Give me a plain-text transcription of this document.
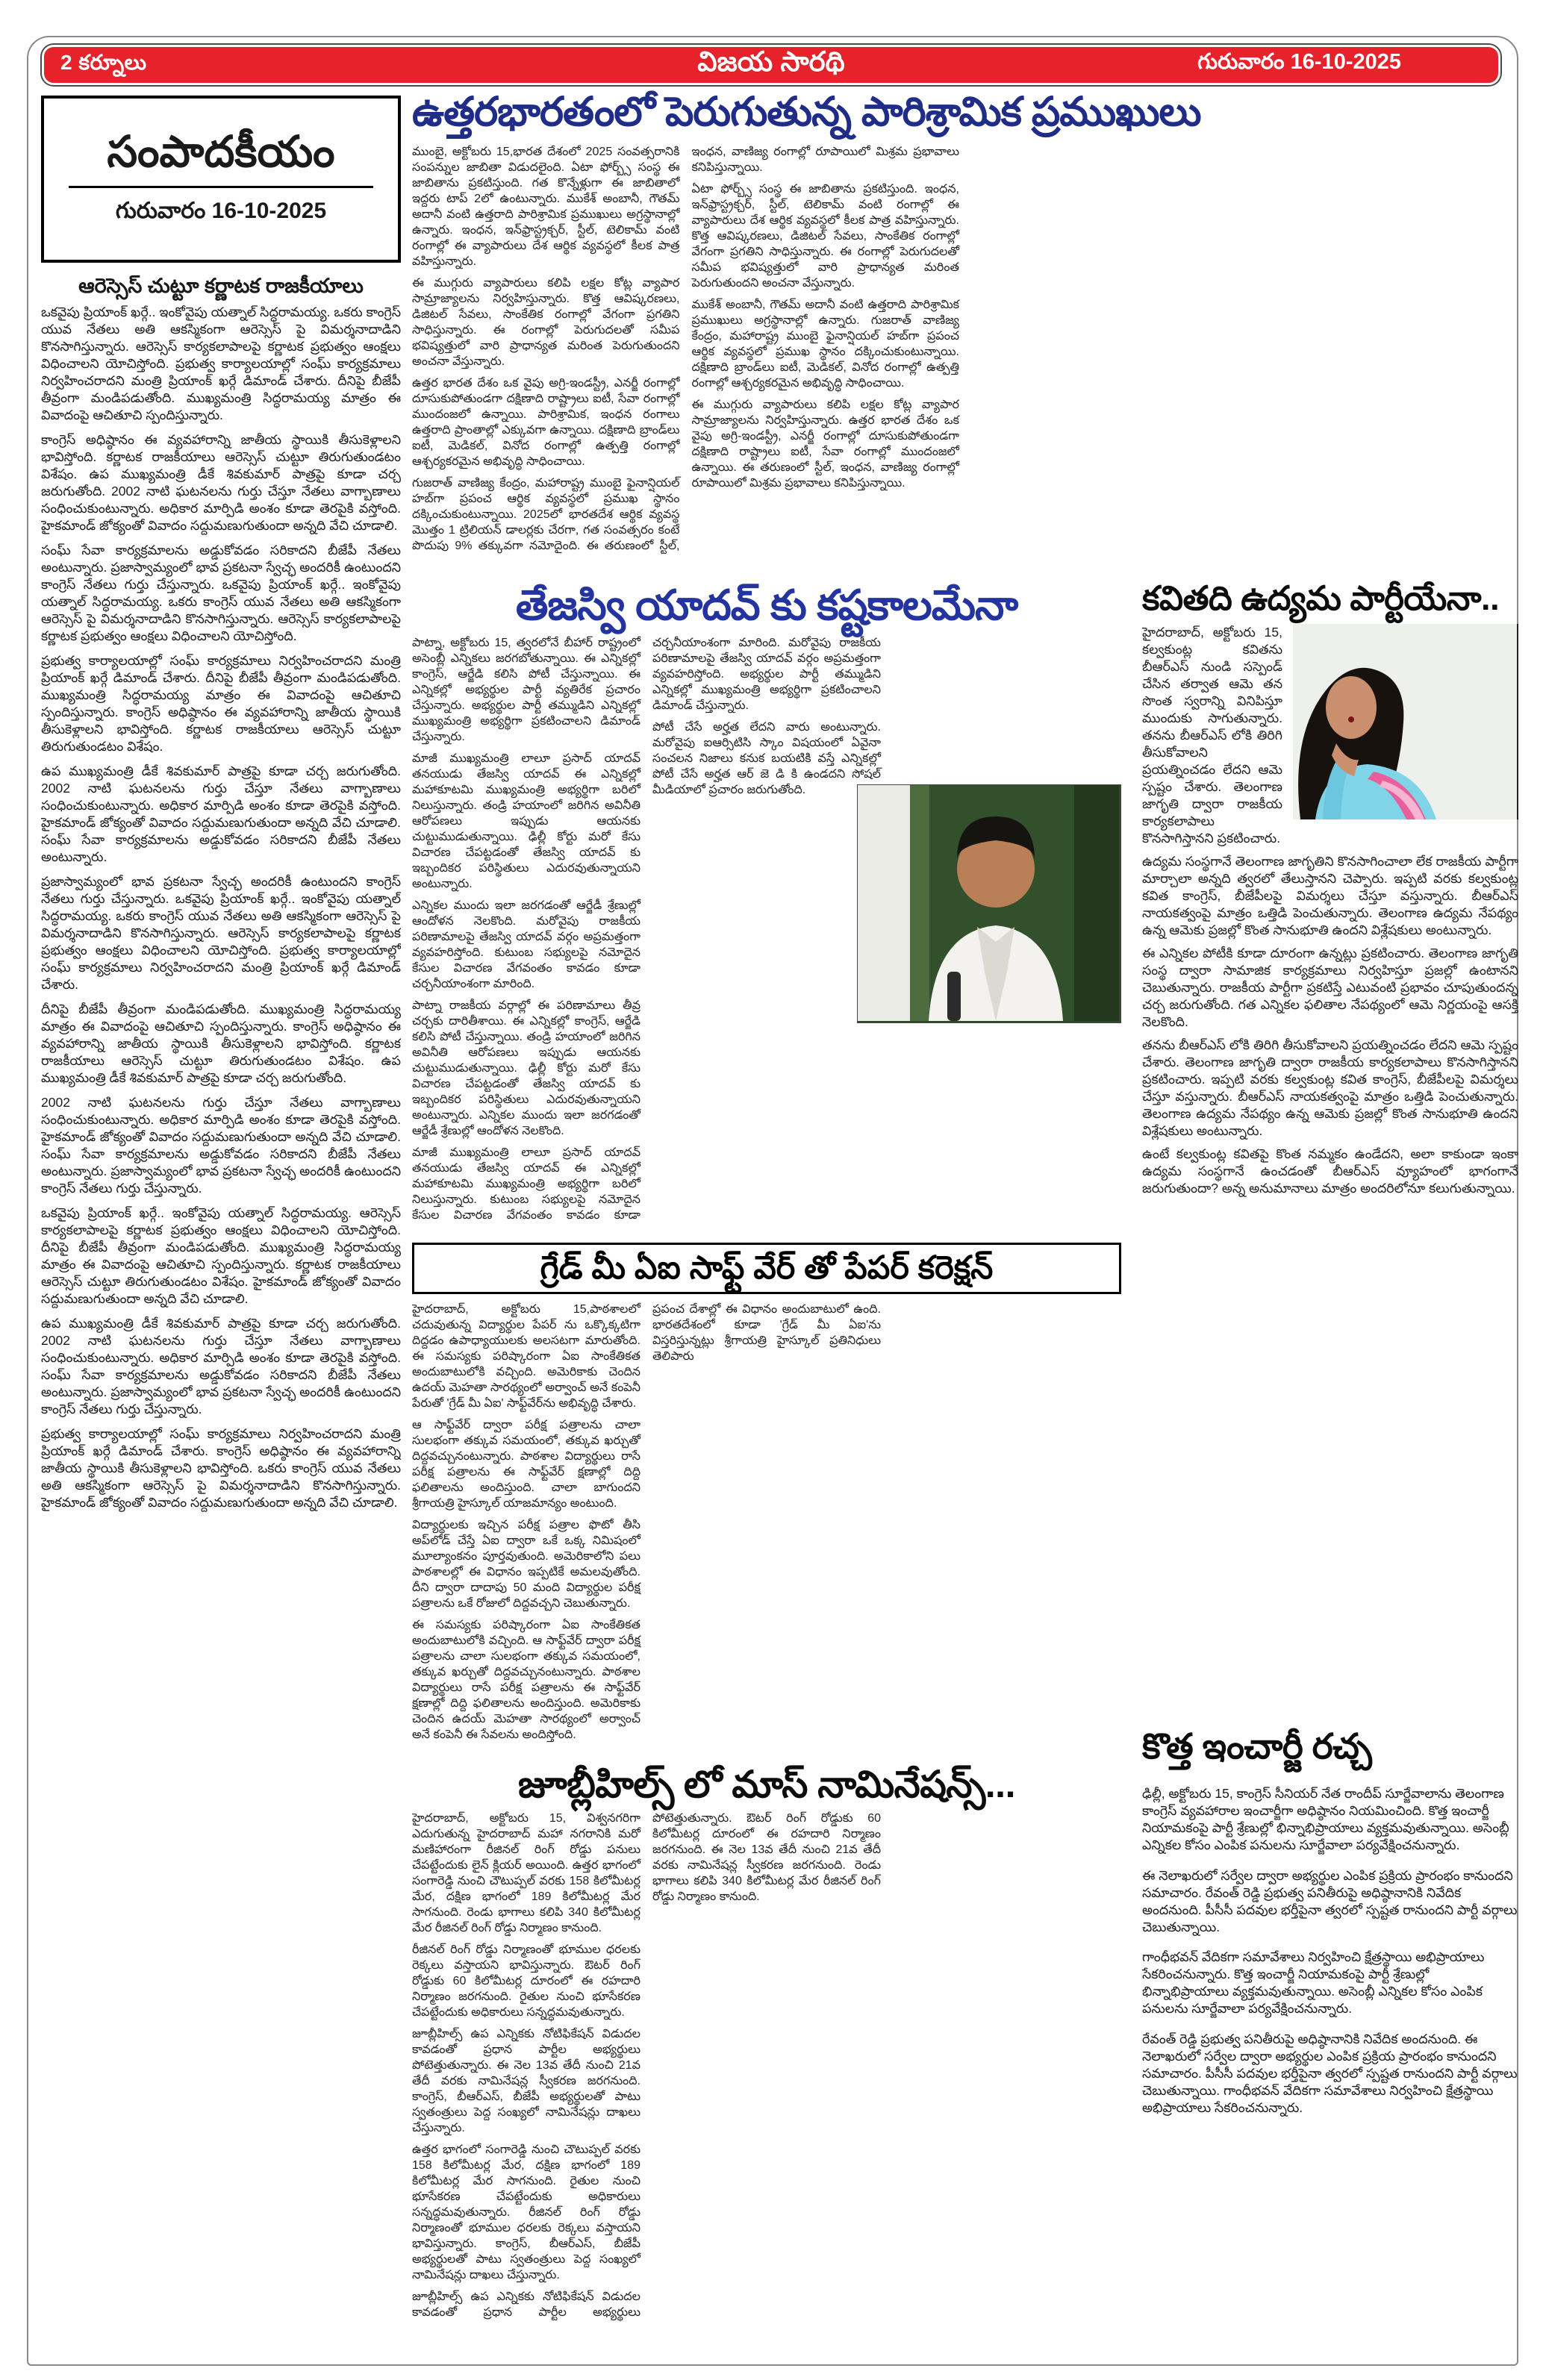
2 కర్నూలు	విజయ సారథి	గురువారం 16-10-2025
సంపాదకీయం
గురువారం 16-10-2025
ఆరెస్సెస్ చుట్టూ కర్ణాటక రాజకీయాలు

ఒకవైపు ప్రియాంక్ ఖర్గే.. ఇంకోవైపు యత్నాల్ సిద్ధరామయ్య. ఒకరు కాంగ్రెస్ యువ నేతలు అతి ఆకస్మికంగా ఆరెస్సెస్ పై విమర్శనాదాడిని కొనసాగిస్తున్నారు. ఆరెస్సెస్ కార్యకలాపాలపై కర్ణాటక ప్రభుత్వం ఆంక్షలు విధించాలని యోచిస్తోంది. ప్రభుత్వ కార్యాలయాల్లో సంఘ్ కార్యక్రమాలు నిర్వహించరాదని మంత్రి ప్రియాంక్ ఖర్గే డిమాండ్ చేశారు. దీనిపై బీజేపీ తీవ్రంగా మండిపడుతోంది. ముఖ్యమంత్రి సిద్ధరామయ్య మాత్రం ఈ వివాదంపై ఆచితూచి స్పందిస్తున్నారు.

కాంగ్రెస్ అధిష్ఠానం ఈ వ్యవహారాన్ని జాతీయ స్థాయికి తీసుకెళ్లాలని భావిస్తోంది. కర్ణాటక రాజకీయాలు ఆరెస్సెస్ చుట్టూ తిరుగుతుండటం విశేషం. ఉప ముఖ్యమంత్రి డీకే శివకుమార్ పాత్రపై కూడా చర్చ జరుగుతోంది. 2002 నాటి ఘటనలను గుర్తు చేస్తూ నేతలు వాగ్బాణాలు సంధించుకుంటున్నారు. అధికార మార్పిడి అంశం కూడా తెరపైకి వస్తోంది. హైకమాండ్ జోక్యంతో వివాదం సద్దుమణుగుతుందా అన్నది వేచి చూడాలి.

సంఘ్ సేవా కార్యక్రమాలను అడ్డుకోవడం సరికాదని బీజేపీ నేతలు అంటున్నారు. ప్రజాస్వామ్యంలో భావ ప్రకటనా స్వేచ్ఛ అందరికీ ఉంటుందని కాంగ్రెస్ నేతలు గుర్తు చేస్తున్నారు. ఒకవైపు ప్రియాంక్ ఖర్గే.. ఇంకోవైపు యత్నాల్ సిద్ధరామయ్య. ఒకరు కాంగ్రెస్ యువ నేతలు అతి ఆకస్మికంగా ఆరెస్సెస్ పై విమర్శనాదాడిని కొనసాగిస్తున్నారు. ఆరెస్సెస్ కార్యకలాపాలపై కర్ణాటక ప్రభుత్వం ఆంక్షలు విధించాలని యోచిస్తోంది.

ప్రభుత్వ కార్యాలయాల్లో సంఘ్ కార్యక్రమాలు నిర్వహించరాదని మంత్రి ప్రియాంక్ ఖర్గే డిమాండ్ చేశారు. దీనిపై బీజేపీ తీవ్రంగా మండిపడుతోంది. ముఖ్యమంత్రి సిద్ధరామయ్య మాత్రం ఈ వివాదంపై ఆచితూచి స్పందిస్తున్నారు. కాంగ్రెస్ అధిష్ఠానం ఈ వ్యవహారాన్ని జాతీయ స్థాయికి తీసుకెళ్లాలని భావిస్తోంది. కర్ణాటక రాజకీయాలు ఆరెస్సెస్ చుట్టూ తిరుగుతుండటం విశేషం.

ఉప ముఖ్యమంత్రి డీకే శివకుమార్ పాత్రపై కూడా చర్చ జరుగుతోంది. 2002 నాటి ఘటనలను గుర్తు చేస్తూ నేతలు వాగ్బాణాలు సంధించుకుంటున్నారు. అధికార మార్పిడి అంశం కూడా తెరపైకి వస్తోంది. హైకమాండ్ జోక్యంతో వివాదం సద్దుమణుగుతుందా అన్నది వేచి చూడాలి. సంఘ్ సేవా కార్యక్రమాలను అడ్డుకోవడం సరికాదని బీజేపీ నేతలు అంటున్నారు.

ప్రజాస్వామ్యంలో భావ ప్రకటనా స్వేచ్ఛ అందరికీ ఉంటుందని కాంగ్రెస్ నేతలు గుర్తు చేస్తున్నారు. ఒకవైపు ప్రియాంక్ ఖర్గే.. ఇంకోవైపు యత్నాల్ సిద్ధరామయ్య. ఒకరు కాంగ్రెస్ యువ నేతలు అతి ఆకస్మికంగా ఆరెస్సెస్ పై విమర్శనాదాడిని కొనసాగిస్తున్నారు. ఆరెస్సెస్ కార్యకలాపాలపై కర్ణాటక ప్రభుత్వం ఆంక్షలు విధించాలని యోచిస్తోంది. ప్రభుత్వ కార్యాలయాల్లో సంఘ్ కార్యక్రమాలు నిర్వహించరాదని మంత్రి ప్రియాంక్ ఖర్గే డిమాండ్ చేశారు.

దీనిపై బీజేపీ తీవ్రంగా మండిపడుతోంది. ముఖ్యమంత్రి సిద్ధరామయ్య మాత్రం ఈ వివాదంపై ఆచితూచి స్పందిస్తున్నారు. కాంగ్రెస్ అధిష్ఠానం ఈ వ్యవహారాన్ని జాతీయ స్థాయికి తీసుకెళ్లాలని భావిస్తోంది. కర్ణాటక రాజకీయాలు ఆరెస్సెస్ చుట్టూ తిరుగుతుండటం విశేషం. ఉప ముఖ్యమంత్రి డీకే శివకుమార్ పాత్రపై కూడా చర్చ జరుగుతోంది.

2002 నాటి ఘటనలను గుర్తు చేస్తూ నేతలు వాగ్బాణాలు సంధించుకుంటున్నారు. అధికార మార్పిడి అంశం కూడా తెరపైకి వస్తోంది. హైకమాండ్ జోక్యంతో వివాదం సద్దుమణుగుతుందా అన్నది వేచి చూడాలి. సంఘ్ సేవా కార్యక్రమాలను అడ్డుకోవడం సరికాదని బీజేపీ నేతలు అంటున్నారు. ప్రజాస్వామ్యంలో భావ ప్రకటనా స్వేచ్ఛ అందరికీ ఉంటుందని కాంగ్రెస్ నేతలు గుర్తు చేస్తున్నారు.

ఒకవైపు ప్రియాంక్ ఖర్గే.. ఇంకోవైపు యత్నాల్ సిద్ధరామయ్య. ఆరెస్సెస్ కార్యకలాపాలపై కర్ణాటక ప్రభుత్వం ఆంక్షలు విధించాలని యోచిస్తోంది. దీనిపై బీజేపీ తీవ్రంగా మండిపడుతోంది. ముఖ్యమంత్రి సిద్ధరామయ్య మాత్రం ఈ వివాదంపై ఆచితూచి స్పందిస్తున్నారు. కర్ణాటక రాజకీయాలు ఆరెస్సెస్ చుట్టూ తిరుగుతుండటం విశేషం. హైకమాండ్ జోక్యంతో వివాదం సద్దుమణుగుతుందా అన్నది వేచి చూడాలి.

ఉప ముఖ్యమంత్రి డీకే శివకుమార్ పాత్రపై కూడా చర్చ జరుగుతోంది. 2002 నాటి ఘటనలను గుర్తు చేస్తూ నేతలు వాగ్బాణాలు సంధించుకుంటున్నారు. అధికార మార్పిడి అంశం కూడా తెరపైకి వస్తోంది. సంఘ్ సేవా కార్యక్రమాలను అడ్డుకోవడం సరికాదని బీజేపీ నేతలు అంటున్నారు. ప్రజాస్వామ్యంలో భావ ప్రకటనా స్వేచ్ఛ అందరికీ ఉంటుందని కాంగ్రెస్ నేతలు గుర్తు చేస్తున్నారు.

ప్రభుత్వ కార్యాలయాల్లో సంఘ్ కార్యక్రమాలు నిర్వహించరాదని మంత్రి ప్రియాంక్ ఖర్గే డిమాండ్ చేశారు. కాంగ్రెస్ అధిష్ఠానం ఈ వ్యవహారాన్ని జాతీయ స్థాయికి తీసుకెళ్లాలని భావిస్తోంది. ఒకరు కాంగ్రెస్ యువ నేతలు అతి ఆకస్మికంగా ఆరెస్సెస్ పై విమర్శనాదాడిని కొనసాగిస్తున్నారు. హైకమాండ్ జోక్యంతో వివాదం సద్దుమణుగుతుందా అన్నది వేచి చూడాలి.

ఉత్తరభారతంలో పెరుగుతున్న పారిశ్రామిక ప్రముఖులు

ముంబై, అక్టోబరు 15,భారత దేశంలో 2025 సంవత్సరానికి సంపన్నుల జాబితా విడుదలైంది. ఏటా ఫోర్బ్స్ సంస్థ ఈ జాబితాను ప్రకటిస్తుంది. గత కొన్నేళ్లుగా ఈ జాబితాలో ఇద్దరు టాప్ 2లో ఉంటున్నారు. ముకేశ్ అంబానీ, గౌతమ్ అదానీ వంటి ఉత్తరాది పారిశ్రామిక ప్రముఖులు అగ్రస్థానాల్లో ఉన్నారు. ఇంధన, ఇన్‌ఫ్రాస్ట్రక్చర్, స్టీల్, టెలికామ్ వంటి రంగాల్లో ఈ వ్యాపారులు దేశ ఆర్థిక వ్యవస్థలో కీలక పాత్ర వహిస్తున్నారు.

ఈ ముగ్గురు వ్యాపారులు కలిపి లక్షల కోట్ల వ్యాపార సామ్రాజ్యాలను నిర్వహిస్తున్నారు. కొత్త ఆవిష్కరణలు, డిజిటల్ సేవలు, సాంకేతిక రంగాల్లో వేగంగా ప్రగతిని సాధిస్తున్నారు. ఈ రంగాల్లో పెరుగుదలతో సమీప భవిష్యత్తులో వారి ప్రాధాన్యత మరింత పెరుగుతుందని అంచనా వేస్తున్నారు.

ఉత్తర భారత దేశం ఒక వైపు అగ్రి-ఇండస్ట్రీ, ఎనర్జీ రంగాల్లో దూసుకుపోతుండగా దక్షిణాది రాష్ట్రాలు ఐటీ, సేవా రంగాల్లో ముందంజలో ఉన్నాయి. పారిశ్రామిక, ఇంధన రంగాలు ఉత్తరాది ప్రాంతాల్లో ఎక్కువగా ఉన్నాయి. దక్షిణాది బ్రాండ్‌లు ఐటీ, మెడికల్, వినోద రంగాల్లో ఉత్పత్తి రంగాల్లో ఆశ్చర్యకరమైన అభివృద్ధి సాధించాయి.

గుజరాత్ వాణిజ్య కేంద్రం, మహారాష్ట్ర ముంబై ఫైనాన్షియల్ హబ్‌గా ప్రపంచ ఆర్థిక వ్యవస్థలో ప్రముఖ స్థానం దక్కించుకుంటున్నాయి. 2025లో భారతదేశ ఆర్థిక వ్యవస్థ మొత్తం 1 ట్రిలియన్ డాలర్లకు చేరగా, గత సంవత్సరం కంటే పొదుపు 9% తక్కువగా నమోదైంది. ఈ తరుణంలో స్టీల్, ఇంధన, వాణిజ్య రంగాల్లో రూపాయిలో మిశ్రమ ప్రభావాలు కనిపిస్తున్నాయి.

ఏటా ఫోర్బ్స్ సంస్థ ఈ జాబితాను ప్రకటిస్తుంది. ఇంధన, ఇన్‌ఫ్రాస్ట్రక్చర్, స్టీల్, టెలికామ్ వంటి రంగాల్లో ఈ వ్యాపారులు దేశ ఆర్థిక వ్యవస్థలో కీలక పాత్ర వహిస్తున్నారు. కొత్త ఆవిష్కరణలు, డిజిటల్ సేవలు, సాంకేతిక రంగాల్లో వేగంగా ప్రగతిని సాధిస్తున్నారు. ఈ రంగాల్లో పెరుగుదలతో సమీప భవిష్యత్తులో వారి ప్రాధాన్యత మరింత పెరుగుతుందని అంచనా వేస్తున్నారు.

ముకేశ్ అంబానీ, గౌతమ్ అదానీ వంటి ఉత్తరాది పారిశ్రామిక ప్రముఖులు అగ్రస్థానాల్లో ఉన్నారు. గుజరాత్ వాణిజ్య కేంద్రం, మహారాష్ట్ర ముంబై ఫైనాన్షియల్ హబ్‌గా ప్రపంచ ఆర్థిక వ్యవస్థలో ప్రముఖ స్థానం దక్కించుకుంటున్నాయి. దక్షిణాది బ్రాండ్‌లు ఐటీ, మెడికల్, వినోద రంగాల్లో ఉత్పత్తి రంగాల్లో ఆశ్చర్యకరమైన అభివృద్ధి సాధించాయి.

ఈ ముగ్గురు వ్యాపారులు కలిపి లక్షల కోట్ల వ్యాపార సామ్రాజ్యాలను నిర్వహిస్తున్నారు. ఉత్తర భారత దేశం ఒక వైపు అగ్రి-ఇండస్ట్రీ, ఎనర్జీ రంగాల్లో దూసుకుపోతుండగా దక్షిణాది రాష్ట్రాలు ఐటీ, సేవా రంగాల్లో ముందంజలో ఉన్నాయి. ఈ తరుణంలో స్టీల్, ఇంధన, వాణిజ్య రంగాల్లో రూపాయిలో మిశ్రమ ప్రభావాలు కనిపిస్తున్నాయి.

తేజస్వి యాదవ్ కు కష్టకాలమేనా

పాట్నా, అక్టోబరు 15, త్వరలోనే బీహార్ రాష్ట్రంలో అసెంబ్లీ ఎన్నికలు జరగబోతున్నాయి. ఈ ఎన్నికల్లో కాంగ్రెస్, ఆర్జేడి కలిసి పోటీ చేస్తున్నాయి. ఈ ఎన్నికల్లో అభ్యర్థుల పార్టీ వ్యతిరేక ప్రచారం చేస్తున్నారు. అభ్యర్థుల పార్టీ తమ్ముడిని ఎన్నికల్లో ముఖ్యమంత్రి అభ్యర్థిగా ప్రకటించాలని డిమాండ్ చేస్తున్నారు.

మాజీ ముఖ్యమంత్రి లాలూ ప్రసాద్ యాదవ్ తనయుడు తేజస్వి యాదవ్ ఈ ఎన్నికల్లో మహాకూటమి ముఖ్యమంత్రి అభ్యర్థిగా బరిలో నిలుస్తున్నారు. తండ్రి హయాంలో జరిగిన అవినీతి ఆరోపణలు ఇప్పుడు ఆయనకు చుట్టుముడుతున్నాయి. ఢిల్లీ కోర్టు మరో కేసు విచారణ చేపట్టడంతో తేజస్వి యాదవ్ కు ఇబ్బందికర పరిస్థితులు ఎదురవుతున్నాయని అంటున్నారు.

ఎన్నికల ముందు ఇలా జరగడంతో ఆర్జేడీ శ్రేణుల్లో ఆందోళన నెలకొంది. మరోవైపు రాజకీయ పరిణామాలపై తేజస్వి యాదవ్ వర్గం అప్రమత్తంగా వ్యవహరిస్తోంది. కుటుంబ సభ్యులపై నమోదైన కేసుల విచారణ వేగవంతం కావడం కూడా చర్చనీయాంశంగా మారింది.

పాట్నా రాజకీయ వర్గాల్లో ఈ పరిణామాలు తీవ్ర చర్చకు దారితీశాయి. ఈ ఎన్నికల్లో కాంగ్రెస్, ఆర్జేడి కలిసి పోటీ చేస్తున్నాయి. తండ్రి హయాంలో జరిగిన అవినీతి ఆరోపణలు ఇప్పుడు ఆయనకు చుట్టుముడుతున్నాయి. ఢిల్లీ కోర్టు మరో కేసు విచారణ చేపట్టడంతో తేజస్వి యాదవ్ కు ఇబ్బందికర పరిస్థితులు ఎదురవుతున్నాయని అంటున్నారు. ఎన్నికల ముందు ఇలా జరగడంతో ఆర్జేడీ శ్రేణుల్లో ఆందోళన నెలకొంది.

మాజీ ముఖ్యమంత్రి లాలూ ప్రసాద్ యాదవ్ తనయుడు తేజస్వి యాదవ్ ఈ ఎన్నికల్లో మహాకూటమి ముఖ్యమంత్రి అభ్యర్థిగా బరిలో నిలుస్తున్నారు. కుటుంబ సభ్యులపై నమోదైన కేసుల విచారణ వేగవంతం కావడం కూడా చర్చనీయాంశంగా మారింది. మరోవైపు రాజకీయ పరిణామాలపై తేజస్వి యాదవ్ వర్గం అప్రమత్తంగా వ్యవహరిస్తోంది. అభ్యర్థుల పార్టీ తమ్ముడిని ఎన్నికల్లో ముఖ్యమంత్రి అభ్యర్థిగా ప్రకటించాలని డిమాండ్ చేస్తున్నారు.

పోటీ చేసే అర్హత లేదని వారు అంటున్నారు. మరోవైపు ఐఆర్సిటిసి స్కాం విషయంలో ఏవైనా సంచలన నిజాలు కనుక బయటికి వస్తే ఎన్నికల్లో పోటీ చేసే అర్హత ఆర్ జె డి కి ఉండదని సోషల్ మీడియాలో ప్రచారం జరుగుతోంది.

గ్రేడ్ మీ ఏఐ సాఫ్ట్ వేర్ తో పేపర్ కరెక్షన్

హైదరాబాద్, అక్టోబరు 15,పాఠశాలలో చదువుతున్న విద్యార్థుల పేపర్ ను ఒక్కొక్కటిగా దిద్దడం ఉపాధ్యాయులకు అలసటగా మారుతోంది. ఈ సమస్యకు పరిష్కారంగా ఏఐ సాంకేతికత అందుబాటులోకి వచ్చింది. అమెరికాకు చెందిన ఉదయ్ మెహతా సారథ్యంలో అర్వాంచ్ అనే కంపెనీ పేరుతో 'గ్రేడ్ మీ ఏఐ' సాఫ్ట్‌వేర్‌ను అభివృద్ధి చేశారు.

ఆ సాఫ్ట్‌వేర్ ద్వారా పరీక్ష పత్రాలను చాలా సులభంగా తక్కువ సమయంలో, తక్కువ ఖర్చుతో దిద్దవచ్చునంటున్నారు. పాఠశాల విద్యార్థులు రాసే పరీక్ష పత్రాలను ఈ సాఫ్ట్‌వేర్ క్షణాల్లో దిద్ది ఫలితాలను అందిస్తుంది. చాలా బాగుందని శ్రీగాయత్రి హైస్కూల్ యాజమాన్యం అంటుంది.

విద్యార్థులకు ఇచ్చిన పరీక్ష పత్రాల ఫొటో తీసి అప్‌లోడ్ చేస్తే ఏఐ ద్వారా ఒకే ఒక్క నిమిషంలో మూల్యాంకనం పూర్తవుతుంది. అమెరికాలోని పలు పాఠశాలల్లో ఈ విధానం ఇప్పటికే అమలవుతోంది. దీని ద్వారా దాదాపు 50 మంది విద్యార్థుల పరీక్ష పత్రాలను ఒకే రోజులో దిద్దవచ్చని చెబుతున్నారు.

ఈ సమస్యకు పరిష్కారంగా ఏఐ సాంకేతికత అందుబాటులోకి వచ్చింది. ఆ సాఫ్ట్‌వేర్ ద్వారా పరీక్ష పత్రాలను చాలా సులభంగా తక్కువ సమయంలో, తక్కువ ఖర్చుతో దిద్దవచ్చునంటున్నారు. పాఠశాల విద్యార్థులు రాసే పరీక్ష పత్రాలను ఈ సాఫ్ట్‌వేర్ క్షణాల్లో దిద్ది ఫలితాలను అందిస్తుంది. అమెరికాకు చెందిన ఉదయ్ మెహతా సారథ్యంలో అర్వాంచ్ అనే కంపెనీ ఈ సేవలను అందిస్తోంది.

ప్రపంచ దేశాల్లో ఈ విధానం అందుబాటులో ఉంది. భారతదేశంలో కూడా 'గ్రేడ్ మీ ఏఐ'ను విస్తరిస్తున్నట్లు శ్రీగాయత్రి హైస్కూల్ ప్రతినిధులు తెలిపారు

జూబ్లీహిల్స్ లో మాస్ నామినేషన్స్...

హైదరాబాద్, అక్టోబరు 15, విశ్వనగరిగా ఎదుగుతున్న హైదరాబాద్ మహా నగరానికి మరో మణిహారంగా రీజినల్ రింగ్ రోడ్డు పనులు చేపట్టేందుకు లైన్ క్లియర్ అయింది. ఉత్తర భాగంలో సంగారెడ్డి నుంచి చౌటుప్పల్ వరకు 158 కిలోమీటర్ల మేర, దక్షిణ భాగంలో 189 కిలోమీటర్ల మేర సాగనుంది. రెండు భాగాలు కలిపి 340 కిలోమీటర్ల మేర రీజినల్ రింగ్ రోడ్డు నిర్మాణం కానుంది.

రీజినల్ రింగ్ రోడ్డు నిర్మాణంతో భూముల ధరలకు రెక్కలు వస్తాయని భావిస్తున్నారు. ఔటర్ రింగ్ రోడ్డుకు 60 కిలోమీటర్ల దూరంలో ఈ రహదారి నిర్మాణం జరగనుంది. రైతుల నుంచి భూసేకరణ చేపట్టేందుకు అధికారులు సన్నద్ధమవుతున్నారు.

జూబ్లీహిల్స్ ఉప ఎన్నికకు నోటిఫికేషన్ విడుదల కావడంతో ప్రధాన పార్టీల అభ్యర్థులు పోటెత్తుతున్నారు. ఈ నెల 13వ తేదీ నుంచి 21వ తేదీ వరకు నామినేషన్ల స్వీకరణ జరగనుంది. కాంగ్రెస్, బీఆర్ఎస్, బీజేపీ అభ్యర్థులతో పాటు స్వతంత్రులు పెద్ద సంఖ్యలో నామినేషన్లు దాఖలు చేస్తున్నారు.

ఉత్తర భాగంలో సంగారెడ్డి నుంచి చౌటుప్పల్ వరకు 158 కిలోమీటర్ల మేర, దక్షిణ భాగంలో 189 కిలోమీటర్ల మేర సాగనుంది. రైతుల నుంచి భూసేకరణ చేపట్టేందుకు అధికారులు సన్నద్ధమవుతున్నారు. రీజినల్ రింగ్ రోడ్డు నిర్మాణంతో భూముల ధరలకు రెక్కలు వస్తాయని భావిస్తున్నారు. కాంగ్రెస్, బీఆర్ఎస్, బీజేపీ అభ్యర్థులతో పాటు స్వతంత్రులు పెద్ద సంఖ్యలో నామినేషన్లు దాఖలు చేస్తున్నారు.

జూబ్లీహిల్స్ ఉప ఎన్నికకు నోటిఫికేషన్ విడుదల కావడంతో ప్రధాన పార్టీల అభ్యర్థులు పోటెత్తుతున్నారు. ఔటర్ రింగ్ రోడ్డుకు 60 కిలోమీటర్ల దూరంలో ఈ రహదారి నిర్మాణం జరగనుంది. ఈ నెల 13వ తేదీ నుంచి 21వ తేదీ వరకు నామినేషన్ల స్వీకరణ జరగనుంది. రెండు భాగాలు కలిపి 340 కిలోమీటర్ల మేర రీజినల్ రింగ్ రోడ్డు నిర్మాణం కానుంది.

కవితది ఉద్యమ పార్టీయేనా..

హైదరాబాద్, అక్టోబరు 15, కల్వకుంట్ల కవితను బీఆర్ఎస్ నుండి సస్పెండ్ చేసిన తర్వాత ఆమె తన సొంత స్వరాన్ని వినిపిస్తూ ముందుకు సాగుతున్నారు. తనను బీఆర్ఎస్ లోకి తిరిగి తీసుకోవాలని ప్రయత్నించడం లేదని ఆమె స్పష్టం చేశారు. తెలంగాణ జాగృతి ద్వారా రాజకీయ కార్యకలాపాలు కొనసాగిస్తానని ప్రకటించారు.

ఉద్యమ సంస్థగానే తెలంగాణ జాగృతిని కొనసాగించాలా లేక రాజకీయ పార్టీగా మార్చాలా అన్నది త్వరలో తేలుస్తానని చెప్పారు. ఇప్పటి వరకు కల్వకుంట్ల కవిత కాంగ్రెస్, బీజేపీలపై విమర్శలు చేస్తూ వస్తున్నారు. బీఆర్ఎస్ నాయకత్వంపై మాత్రం ఒత్తిడి పెంచుతున్నారు. తెలంగాణ ఉద్యమ నేపథ్యం ఉన్న ఆమెకు ప్రజల్లో కొంత సానుభూతి ఉందని విశ్లేషకులు అంటున్నారు.

ఈ ఎన్నికల పోటీకి కూడా దూరంగా ఉన్నట్లు ప్రకటించారు. తెలంగాణ జాగృతి సంస్థ ద్వారా సామాజిక కార్యక్రమాలు నిర్వహిస్తూ ప్రజల్లో ఉంటానని చెబుతున్నారు. రాజకీయ పార్టీగా ప్రకటిస్తే ఎటువంటి ప్రభావం చూపుతుందన్న చర్చ జరుగుతోంది. గత ఎన్నికల ఫలితాల నేపథ్యంలో ఆమె నిర్ణయంపై ఆసక్తి నెలకొంది.

తనను బీఆర్ఎస్ లోకి తిరిగి తీసుకోవాలని ప్రయత్నించడం లేదని ఆమె స్పష్టం చేశారు. తెలంగాణ జాగృతి ద్వారా రాజకీయ కార్యకలాపాలు కొనసాగిస్తానని ప్రకటించారు. ఇప్పటి వరకు కల్వకుంట్ల కవిత కాంగ్రెస్, బీజేపీలపై విమర్శలు చేస్తూ వస్తున్నారు. బీఆర్ఎస్ నాయకత్వంపై మాత్రం ఒత్తిడి పెంచుతున్నారు. తెలంగాణ ఉద్యమ నేపథ్యం ఉన్న ఆమెకు ప్రజల్లో కొంత సానుభూతి ఉందని విశ్లేషకులు అంటున్నారు.

ఉంటే కల్వకుంట్ల కవితపై కొంత నమ్మకం ఉండేదని, అలా కాకుండా ఇంకా ఉద్యమ సంస్థగానే ఉంచడంతో బీఆర్ఎస్ వ్యూహంలో భాగంగానే జరుగుతుందా? అన్న అనుమానాలు మాత్రం అందరిలోనూ కలుగుతున్నాయి.

కొత్త ఇంచార్జీ రచ్చ

ఢిల్లీ, అక్టోబరు 15, కాంగ్రెస్ సీనియర్ నేత రాందీప్ సూర్జేవాలాను తెలంగాణ కాంగ్రెస్ వ్యవహారాల ఇంచార్జీగా అధిష్ఠానం నియమించింది. కొత్త ఇంచార్జీ నియామకంపై పార్టీ శ్రేణుల్లో భిన్నాభిప్రాయాలు వ్యక్తమవుతున్నాయి. అసెంబ్లీ ఎన్నికల కోసం ఎంపిక పనులను సూర్జేవాలా పర్యవేక్షించనున్నారు.

ఈ నెలాఖరులో సర్వేల ద్వారా అభ్యర్థుల ఎంపిక ప్రక్రియ ప్రారంభం కానుందని సమాచారం. రేవంత్ రెడ్డి ప్రభుత్వ పనితీరుపై అధిష్ఠానానికి నివేదిక అందనుంది. పీసీసీ పదవుల భర్తీపైనా త్వరలో స్పష్టత రానుందని పార్టీ వర్గాలు చెబుతున్నాయి.

గాంధీభవన్ వేదికగా సమావేశాలు నిర్వహించి క్షేత్రస్థాయి అభిప్రాయాలు సేకరించనున్నారు. కొత్త ఇంచార్జీ నియామకంపై పార్టీ శ్రేణుల్లో భిన్నాభిప్రాయాలు వ్యక్తమవుతున్నాయి. అసెంబ్లీ ఎన్నికల కోసం ఎంపిక పనులను సూర్జేవాలా పర్యవేక్షించనున్నారు.

రేవంత్ రెడ్డి ప్రభుత్వ పనితీరుపై అధిష్ఠానానికి నివేదిక అందనుంది. ఈ నెలాఖరులో సర్వేల ద్వారా అభ్యర్థుల ఎంపిక ప్రక్రియ ప్రారంభం కానుందని సమాచారం. పీసీసీ పదవుల భర్తీపైనా త్వరలో స్పష్టత రానుందని పార్టీ వర్గాలు చెబుతున్నాయి. గాంధీభవన్ వేదికగా సమావేశాలు నిర్వహించి క్షేత్రస్థాయి అభిప్రాయాలు సేకరించనున్నారు.
